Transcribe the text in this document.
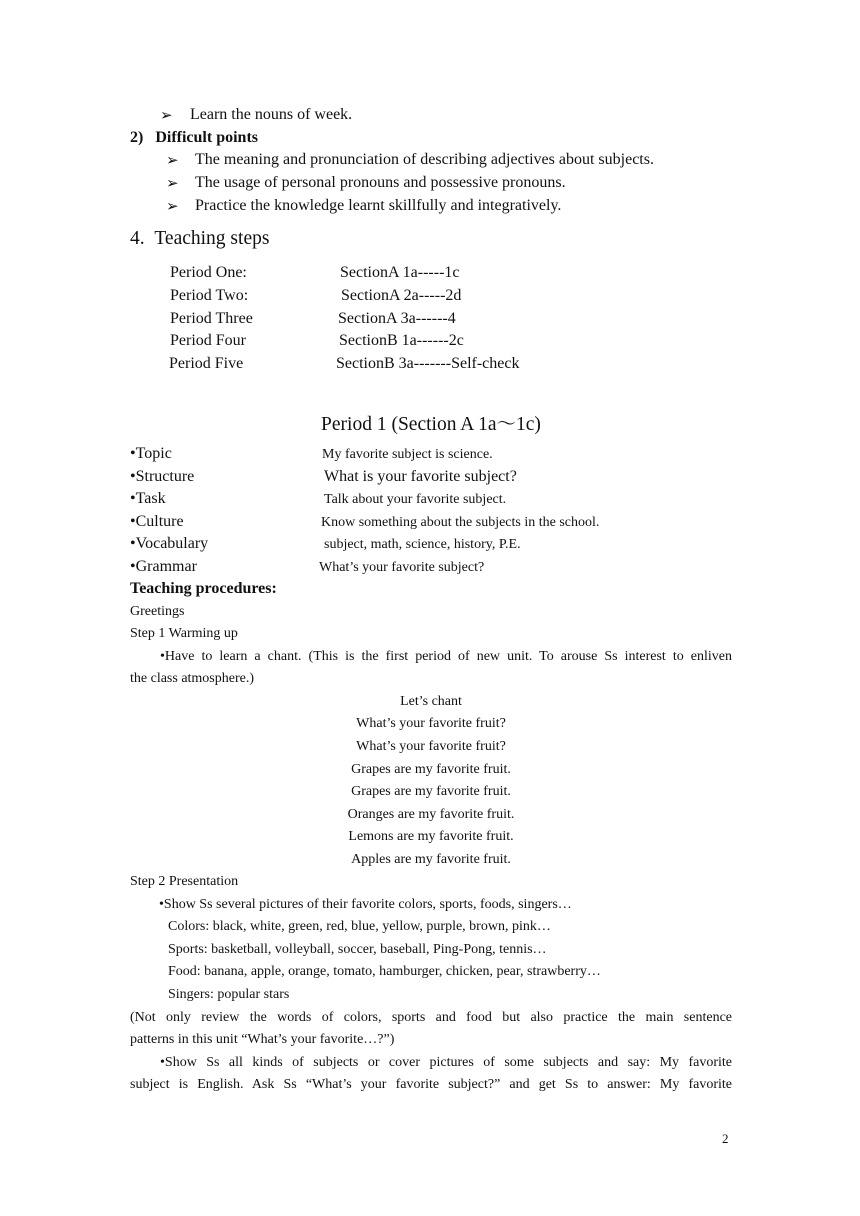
➢ Learn the nouns of week.
2)   Difficult points
➢ The meaning and pronunciation of describing adjectives about subjects.
➢ The usage of personal pronouns and possessive pronouns.
➢ Practice the knowledge learnt skillfully and integratively.
4.  Teaching steps
Period One:	SectionA 1a-----1c
Period Two:	SectionA 2a-----2d
Period Three	SectionA 3a------4
Period Four	SectionB 1a------2c
Period Five	SectionB 3a-------Self-check
Period 1 (Section A 1a～1c)
•Topic	My favorite subject is science.
•Structure	What is your favorite subject?
•Task	Talk about your favorite subject.
•Culture	Know something about the subjects in the school.
•Vocabulary	subject, math, science, history, P.E.
•Grammar	What’s your favorite subject?
Teaching procedures:
Greetings
Step 1 Warming up
•Have to learn a chant. (This is the first period of new unit. To arouse Ss interest to enliven
the class atmosphere.)
Let’s chant
What’s your favorite fruit?
What’s your favorite fruit?
Grapes are my favorite fruit.
Grapes are my favorite fruit.
Oranges are my favorite fruit.
Lemons are my favorite fruit.
Apples are my favorite fruit.
Step 2 Presentation
•Show Ss several pictures of their favorite colors, sports, foods, singers…
Colors: black, white, green, red, blue, yellow, purple, brown, pink…
Sports: basketball, volleyball, soccer, baseball, Ping-Pong, tennis…
Food: banana, apple, orange, tomato, hamburger, chicken, pear, strawberry…
Singers: popular stars
(Not only review the words of colors, sports and food but also practice the main sentence
patterns in this unit “What’s your favorite…?”)
•Show Ss all kinds of subjects or cover pictures of some subjects and say: My favorite
subject is English. Ask Ss “What’s your favorite subject?” and get Ss to answer: My favorite
2
